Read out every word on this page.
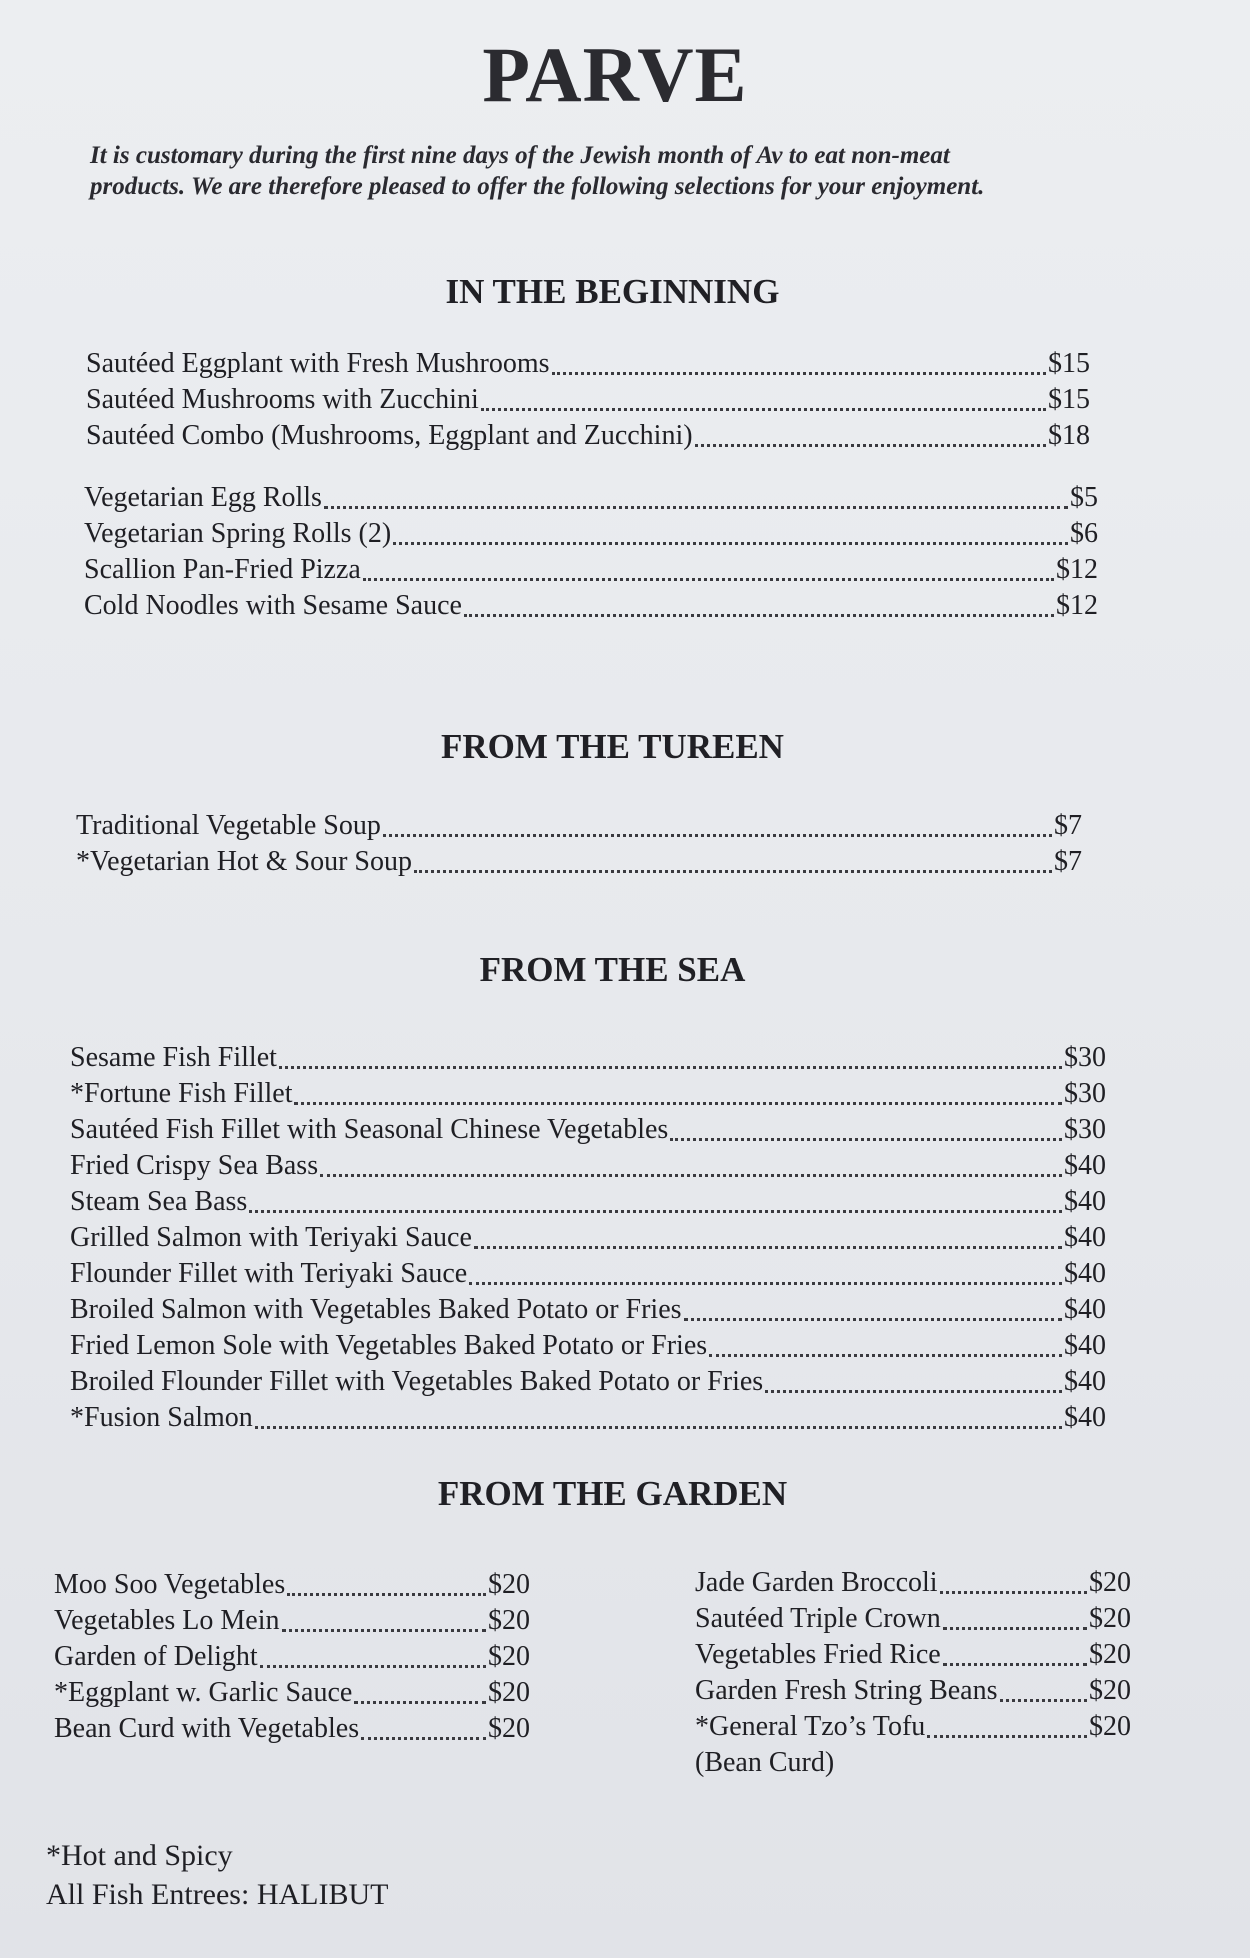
PARVE
It is customary during the first nine days of the Jewish month of Av to eat non-meat products. We are therefore pleased to offer the following selections for your enjoyment.
IN THE BEGINNING
Sautéed Eggplant with Fresh Mushrooms	$15
Sautéed Mushrooms with Zucchini	$15
Sautéed Combo (Mushrooms, Eggplant and Zucchini)	$18
Vegetarian Egg Rolls	$5
Vegetarian Spring Rolls (2)	$6
Scallion Pan-Fried Pizza	$12
Cold Noodles with Sesame Sauce	$12
FROM THE TUREEN
Traditional Vegetable Soup	$7
*Vegetarian Hot & Sour Soup	$7
FROM THE SEA
Sesame Fish Fillet	$30
*Fortune Fish Fillet	$30
Sautéed Fish Fillet with Seasonal Chinese Vegetables	$30
Fried Crispy Sea Bass	$40
Steam Sea Bass	$40
Grilled Salmon with Teriyaki Sauce	$40
Flounder Fillet with Teriyaki Sauce	$40
Broiled Salmon with Vegetables Baked Potato or Fries	$40
Fried Lemon Sole with Vegetables Baked Potato or Fries	$40
Broiled Flounder Fillet with Vegetables Baked Potato or Fries	$40
*Fusion Salmon	$40
FROM THE GARDEN
Moo Soo Vegetables	$20
Vegetables Lo Mein	$20
Garden of Delight	$20
*Eggplant w. Garlic Sauce	$20
Bean Curd with Vegetables	$20
Jade Garden Broccoli	$20
Sautéed Triple Crown	$20
Vegetables Fried Rice	$20
Garden Fresh String Beans	$20
*General Tzo’s Tofu	$20
(Bean Curd)
*Hot and Spicy
All Fish Entrees: HALIBUT
